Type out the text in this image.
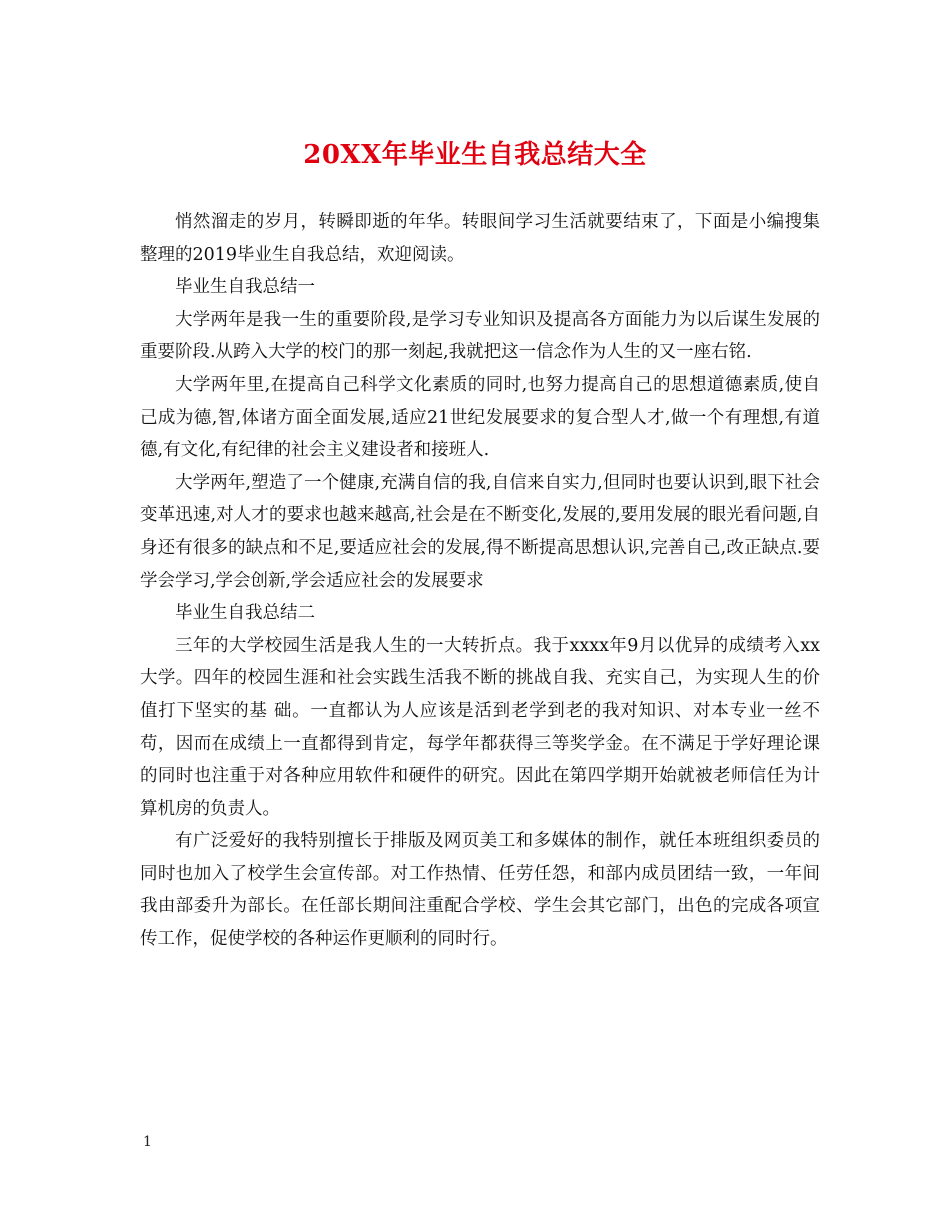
20XX年毕业生自我总结大全

悄然溜走的岁月，转瞬即逝的年华。转眼间学习生活就要结束了，下面是小编搜集整理的2019毕业生自我总结，欢迎阅读。

毕业生自我总结一

大学两年是我一生的重要阶段,是学习专业知识及提高各方面能力为以后谋生发展的重要阶段.从跨入大学的校门的那一刻起,我就把这一信念作为人生的又一座右铭.

大学两年里,在提高自己科学文化素质的同时,也努力提高自己的思想道德素质,使自己成为德,智,体诸方面全面发展,适应21世纪发展要求的复合型人才,做一个有理想,有道德,有文化,有纪律的社会主义建设者和接班人.

大学两年,塑造了一个健康,充满自信的我,自信来自实力,但同时也要认识到,眼下社会变革迅速,对人才的要求也越来越高,社会是在不断变化,发展的,要用发展的眼光看问题,自身还有很多的缺点和不足,要适应社会的发展,得不断提高思想认识,完善自己,改正缺点.要学会学习,学会创新,学会适应社会的发展要求

毕业生自我总结二

三年的大学校园生活是我人生的一大转折点。我于xxxx年9月以优异的成绩考入xx大学。四年的校园生涯和社会实践生活我不断的挑战自我、充实自己，为实现人生的价值打下坚实的基 础。一直都认为人应该是活到老学到老的我对知识、对本专业一丝不苟，因而在成绩上一直都得到肯定，每学年都获得三等奖学金。在不满足于学好理论课的同时也注重于对各种应用软件和硬件的研究。因此在第四学期开始就被老师信任为计算机房的负责人。

有广泛爱好的我特别擅长于排版及网页美工和多媒体的制作，就任本班组织委员的同时也加入了校学生会宣传部。对工作热情、任劳任怨，和部内成员团结一致，一年间我由部委升为部长。在任部长期间注重配合学校、学生会其它部门，出色的完成各项宣传工作，促使学校的各种运作更顺利的同时行。

1
